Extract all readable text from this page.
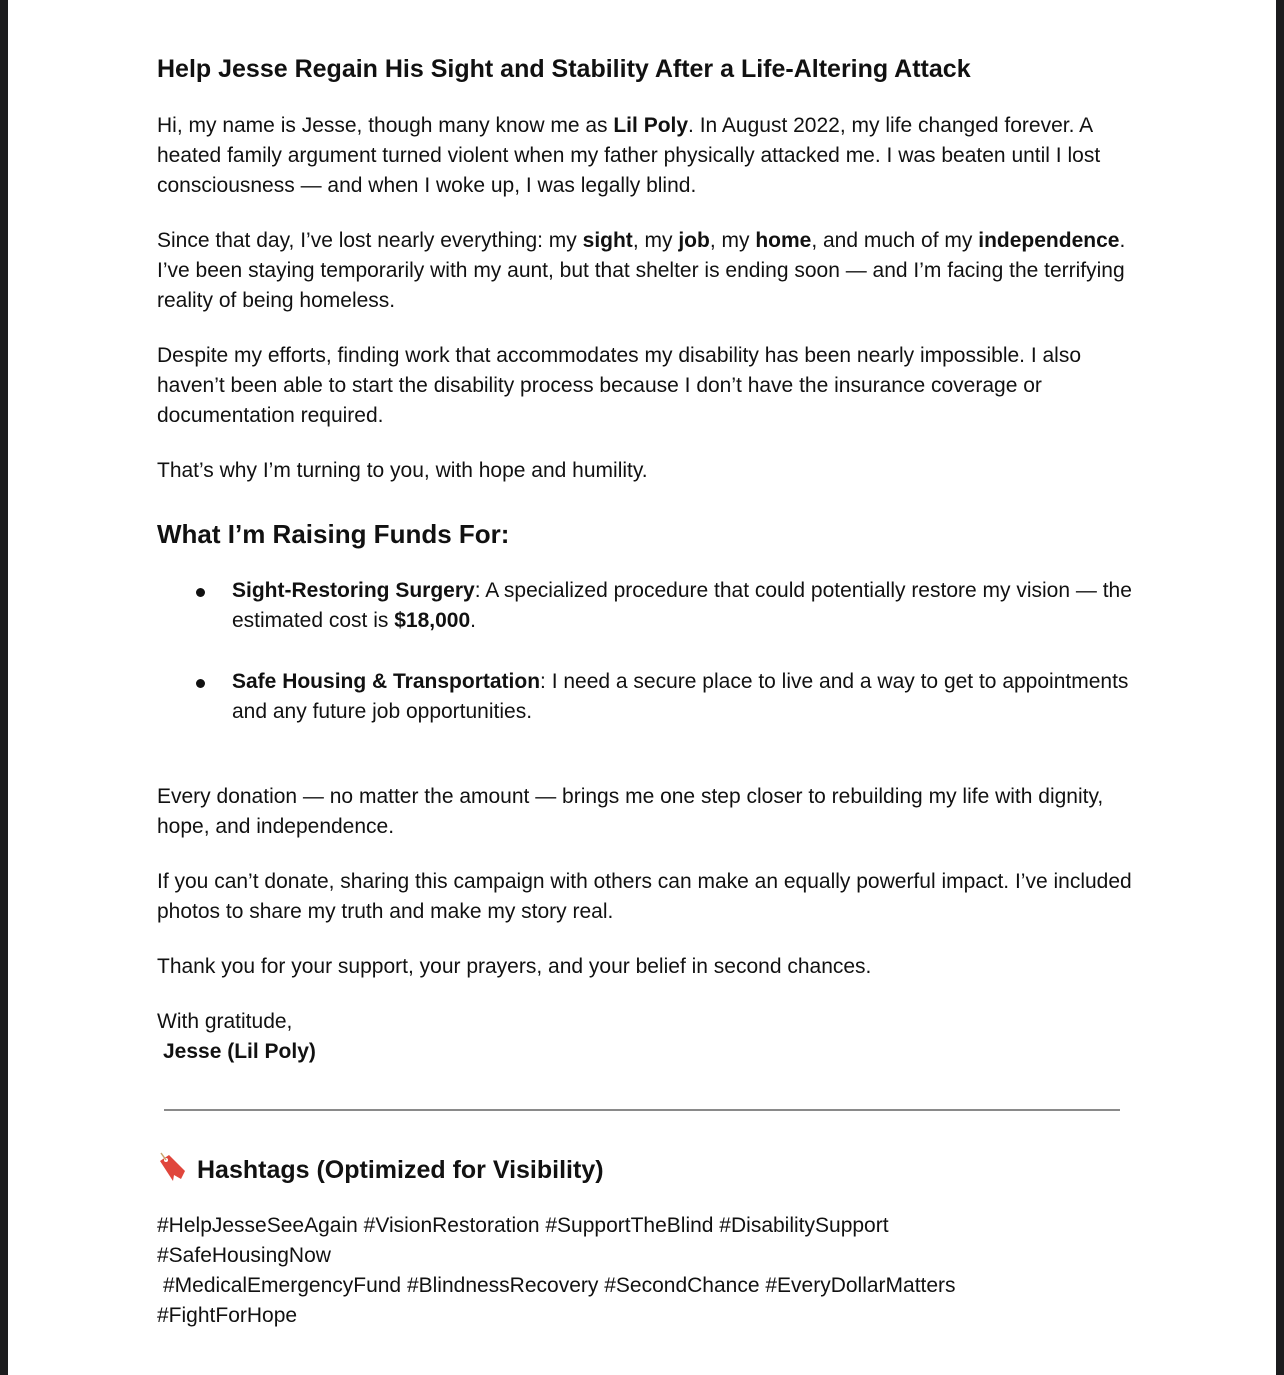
Help Jesse Regain His Sight and Stability After a Life-Altering Attack

Hi, my name is Jesse, though many know me as Lil Poly. In August 2022, my life changed forever. A heated family argument turned violent when my father physically attacked me. I was beaten until I lost consciousness — and when I woke up, I was legally blind.

Since that day, I’ve lost nearly everything: my sight, my job, my home, and much of my independence. I’ve been staying temporarily with my aunt, but that shelter is ending soon — and I’m facing the terrifying reality of being homeless.

Despite my efforts, finding work that accommodates my disability has been nearly impossible. I also haven’t been able to start the disability process because I don’t have the insurance coverage or documentation required.

That’s why I’m turning to you, with hope and humility.

What I’m Raising Funds For:
Sight-Restoring Surgery: A specialized procedure that could potentially restore my vision — the estimated cost is $18,000.
Safe Housing & Transportation: I need a secure place to live and a way to get to appointments and any future job opportunities.

Every donation — no matter the amount — brings me one step closer to rebuilding my life with dignity, hope, and independence.

If you can’t donate, sharing this campaign with others can make an equally powerful impact. I’ve included photos to share my truth and make my story real.

Thank you for your support, your prayers, and your belief in second chances.

With gratitude,
Jesse (Lil Poly)
Hashtags (Optimized for Visibility)
#HelpJesseSeeAgain #VisionRestoration #SupportTheBlind #DisabilitySupport
#SafeHousingNow
#MedicalEmergencyFund #BlindnessRecovery #SecondChance #EveryDollarMatters
#FightForHope
